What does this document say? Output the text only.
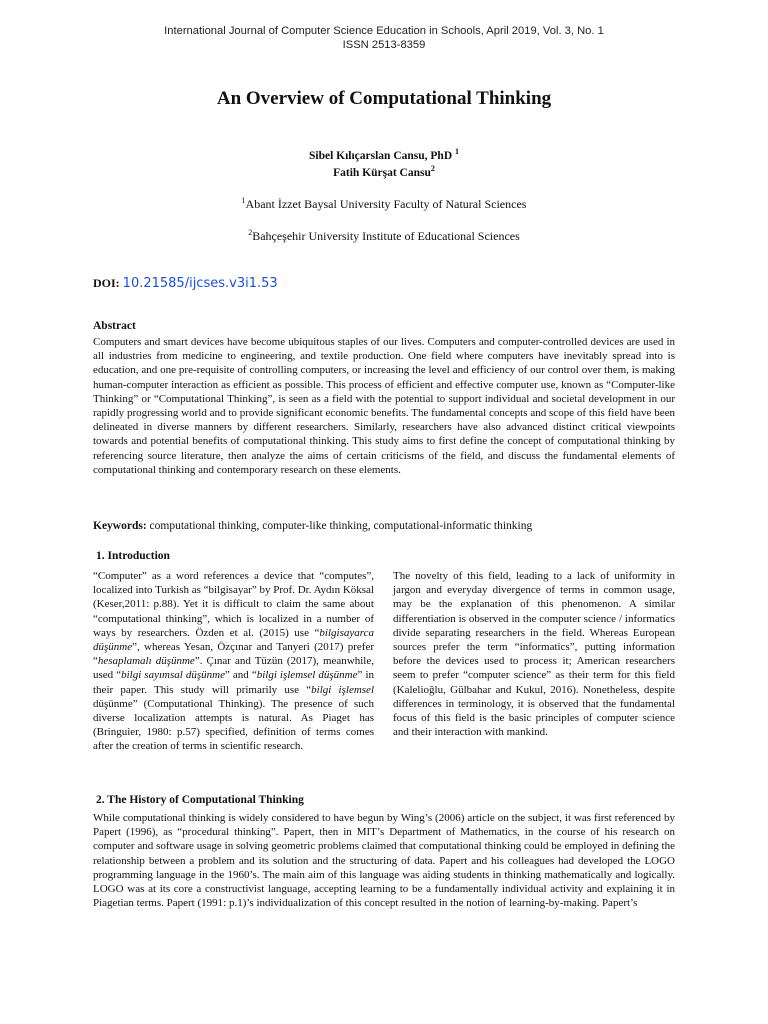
International Journal of Computer Science Education in Schools, April 2019, Vol. 3, No. 1
ISSN 2513-8359
An Overview of Computational Thinking
Sibel Kılıçarslan Cansu, PhD $^1$
Fatih Kürşat Cansu$^2$
$^1$Abant İzzet Baysal University Faculty of Natural Sciences
$^2$Bahçeşehir University Institute of Educational Sciences
DOI: 10.21585/ijcses.v3i1.53
Abstract

Computers and smart devices have become ubiquitous staples of our lives. Computers and computer-controlled devices are used in all industries from medicine to engineering, and textile production. One field where computers have inevitably spread into is education, and one pre-requisite of controlling computers, or increasing the level and efficiency of our control over them, is making human-computer interaction as efficient as possible. This process of efficient and effective computer use, known as “Computer-like Thinking” or “Computational Thinking”, is seen as a field with the potential to support individual and societal development in our rapidly progressing world and to provide significant economic benefits. The fundamental concepts and scope of this field have been delineated in diverse manners by different researchers. Similarly, researchers have also advanced distinct critical viewpoints towards and potential benefits of computational thinking. This study aims to first define the concept of computational thinking by referencing source literature, then analyze the aims of certain criticisms of the field, and discuss the fundamental elements of computational thinking and contemporary research on these elements.

Keywords: computational thinking, computer-like thinking, computational-informatic thinking
1. Introduction

“Computer” as a word references a device that “computes”, localized into Turkish as “bilgisayar” by Prof. Dr. Aydın Köksal (Keser,2011: p.88). Yet it is difficult to claim the same about “computational thinking”, which is localized in a number of ways by researchers. Özden et al. (2015) use “bilgisayarca düşünme”, whereas Yesan, Özçınar and Tanyeri (2017) prefer “hesaplamalı düşünme”. Çınar and Tüzün (2017), meanwhile, used “bilgi sayımsal düşünme” and “bilgi işlemsel düşünme” in their paper. This study will primarily use “bilgi işlemsel düşünme” (Computational Thinking). The presence of such diverse localization attempts is natural. As Piaget has (Bringuier, 1980: p.57) specified, definition of terms comes after the creation of terms in scientific research.

The novelty of this field, leading to a lack of uniformity in jargon and everyday divergence of terms in common usage, may be the explanation of this phenomenon. A similar differentiation is observed in the computer science / informatics divide separating researchers in the field. Whereas European sources prefer the term “informatics”, putting information before the devices used to process it; American researchers seem to prefer “computer science” as their term for this field (Kalelioğlu, Gülbahar and Kukul, 2016). Nonetheless, despite differences in terminology, it is observed that the fundamental focus of this field is the basic principles of computer science and their interaction with mankind.

2. The History of Computational Thinking

While computational thinking is widely considered to have begun by Wing’s (2006) article on the subject, it was first referenced by Papert (1996), as “procedural thinking”. Papert, then in MIT’s Department of Mathematics, in the course of his research on computer and software usage in solving geometric problems claimed that computational thinking could be employed in defining the relationship between a problem and its solution and the structuring of data. Papert and his colleagues had developed the LOGO programming language in the 1960’s. The main aim of this language was aiding students in thinking mathematically and logically. LOGO was at its core a constructivist language, accepting learning to be a fundamentally individual activity and explaining it in Piagetian terms. Papert (1991: p.1)’s individualization of this concept resulted in the notion of learning-by-making. Papert’s
